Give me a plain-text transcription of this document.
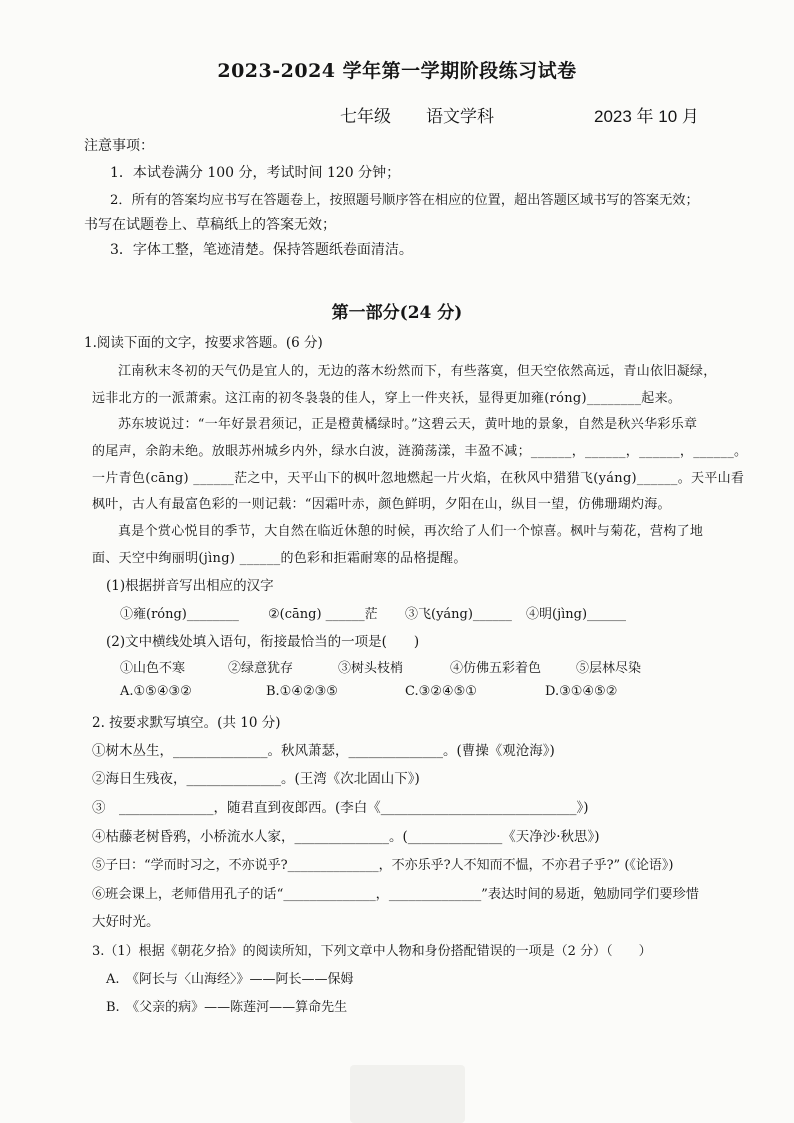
2023-2024 学年第一学期阶段练习试卷
七年级 语文学科	2023 年 10 月
注意事项：
1．本试卷满分 100 分，考试时间 120 分钟；
2．所有的答案均应书写在答题卷上，按照题号顺序答在相应的位置，超出答题区域书写的答案无效；
书写在试题卷上、草稿纸上的答案无效；
3．字体工整，笔迹清楚。保持答题纸卷面清洁。
第一部分(24 分)
1.阅读下面的文字，按要求答题。(6 分)
江南秋末冬初的天气仍是宜人的，无边的落木纷然而下，有些落寞，但天空依然高远，青山依旧凝绿，
远非北方的一派萧索。这江南的初冬袅袅的佳人，穿上一件夹袄，显得更加雍(róng)________起来。
苏东坡说过：“一年好景君须记，正是橙黄橘绿时。”这碧云天，黄叶地的景象，自然是秋兴华彩乐章
的尾声，余韵未绝。放眼苏州城乡内外，绿水白波，涟漪荡漾，丰盈不减；______，______，______，______。
一片青色(cāng) ______茫之中，天平山下的枫叶忽地燃起一片火焰，在秋风中猎猎飞(yáng)______。天平山看
枫叶，古人有最富色彩的一则记载：“因霜叶赤，颜色鲜明，夕阳在山，纵目一望，仿佛珊瑚灼海。
真是个赏心悦目的季节，大自然在临近休憩的时候，再次给了人们一个惊喜。枫叶与菊花，营构了地
面、天空中绚丽明(jìng) ______的色彩和拒霜耐寒的品格提醒。
(1)根据拼音写出相应的汉字
①雍(róng)________ ②(cāng) ______茫 ③飞(yáng)______ ④明(jìng)______
(2)文中横线处填入语句，衔接最恰当的一项是(　　)
①山色不寒	②绿意犹存	③树头枝梢	④仿佛五彩着色	⑤层林尽染
A.①⑤④③②	B.①④②③⑤	C.③②④⑤①	D.③①④⑤②
2. 按要求默写填空。(共 10 分)
①树木丛生，______________。秋风萧瑟，______________。(曹操《观沧海》)
②海日生残夜，______________。(王湾《次北固山下》)
③　______________，随君直到夜郎西。(李白《_____________________________》)
④枯藤老树昏鸦，小桥流水人家，______________。(______________《天净沙·秋思》)
⑤子曰：“学而时习之，不亦说乎?______________，不亦乐乎?人不知而不愠，不亦君子乎?” (《论语》)
⑥班会课上，老师借用孔子的话“______________，______________”表达时间的易逝，勉励同学们要珍惜
大好时光。
3.（1）根据《朝花夕拾》的阅读所知，下列文章中人物和身份搭配错误的一项是（2 分）（　　）
A.　《阿长与〈山海经〉》——阿长——保姆
B.　《父亲的病》——陈莲河——算命先生
